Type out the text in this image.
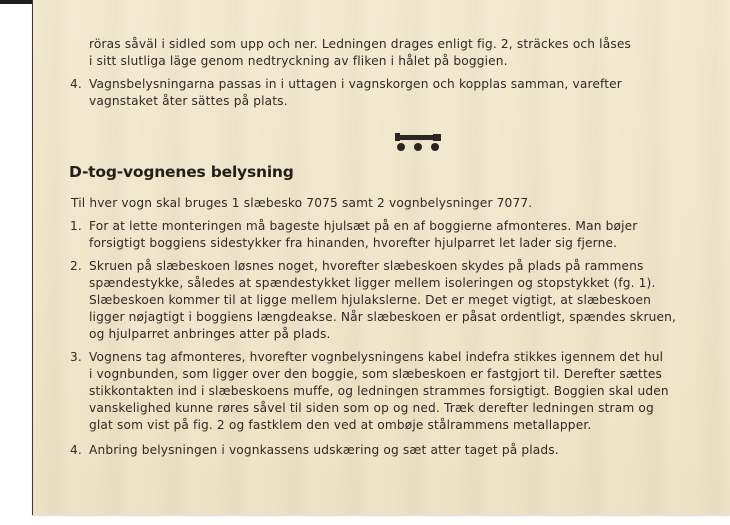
röras såväl i sidled som upp och ner. Ledningen drages enligt fig. 2, sträckes och låses
i sitt slutliga läge genom nedtryckning av fliken i hålet på boggien.
4. Vagnsbelysningarna passas in i uttagen i vagnskorgen och kopplas samman, varefter
vagnstaket åter sättes på plats.
D-tog-vognenes belysning
Til hver vogn skal bruges 1 slæbesko 7075 samt 2 vognbelysninger 7077.
1. For at lette monteringen må bageste hjulsæt på en af boggierne afmonteres. Man bøjer
forsigtigt boggiens sidestykker fra hinanden, hvorefter hjulparret let lader sig fjerne.
2. Skruen på slæbeskoen løsnes noget, hvorefter slæbeskoen skydes på plads på rammens
spændestykke, således at spændestykket ligger mellem isoleringen og stopstykket (fg. 1).
Slæbeskoen kommer til at ligge mellem hjulakslerne. Det er meget vigtigt, at slæbeskoen
ligger nøjagtigt i boggiens længdeakse. Når slæbeskoen er påsat ordentligt, spændes skruen,
og hjulparret anbringes atter på plads.
3. Vognens tag afmonteres, hvorefter vognbelysningens kabel indefra stikkes igennem det hul
i vognbunden, som ligger over den boggie, som slæbeskoen er fastgjort til. Derefter sættes
stikkontakten ind i slæbeskoens muffe, og ledningen strammes forsigtigt. Boggien skal uden
vanskelighed kunne røres såvel til siden som op og ned. Træk derefter ledningen stram og
glat som vist på fig. 2 og fastklem den ved at ombøje stålrammens metallapper.
4. Anbring belysningen i vognkassens udskæring og sæt atter taget på plads.
